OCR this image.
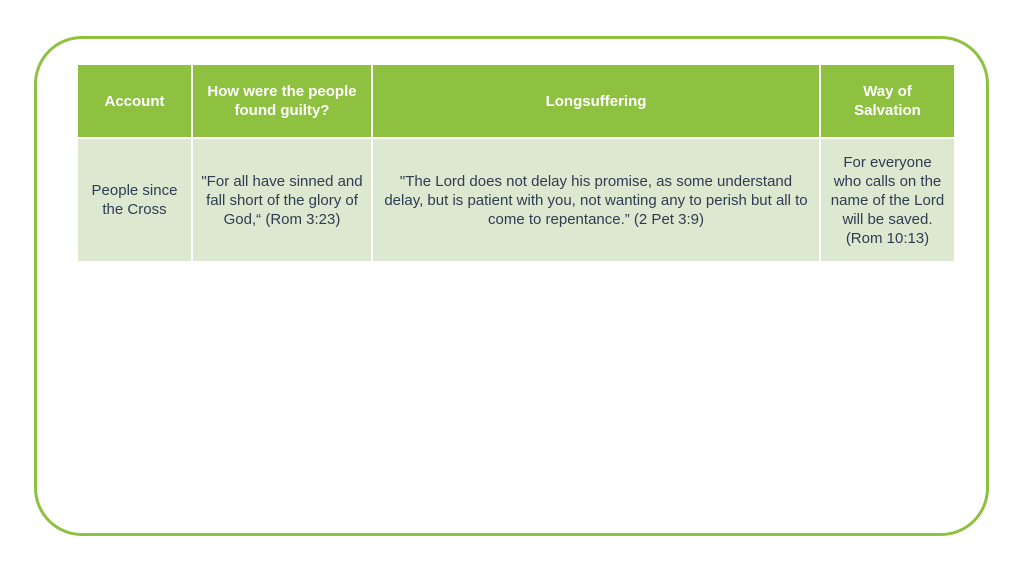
Account	How were the people found guilty?	Longsuffering	Way of Salvation
People since the Cross	"For all have sinned and fall short of the glory of God,“ (Rom 3:23)	"The Lord does not delay his promise, as some understand delay, but is patient with you, not wanting any to perish but all to come to repentance.” (2 Pet 3:9)	For everyone who calls on the name of the Lord will be saved. (Rom 10:13)
